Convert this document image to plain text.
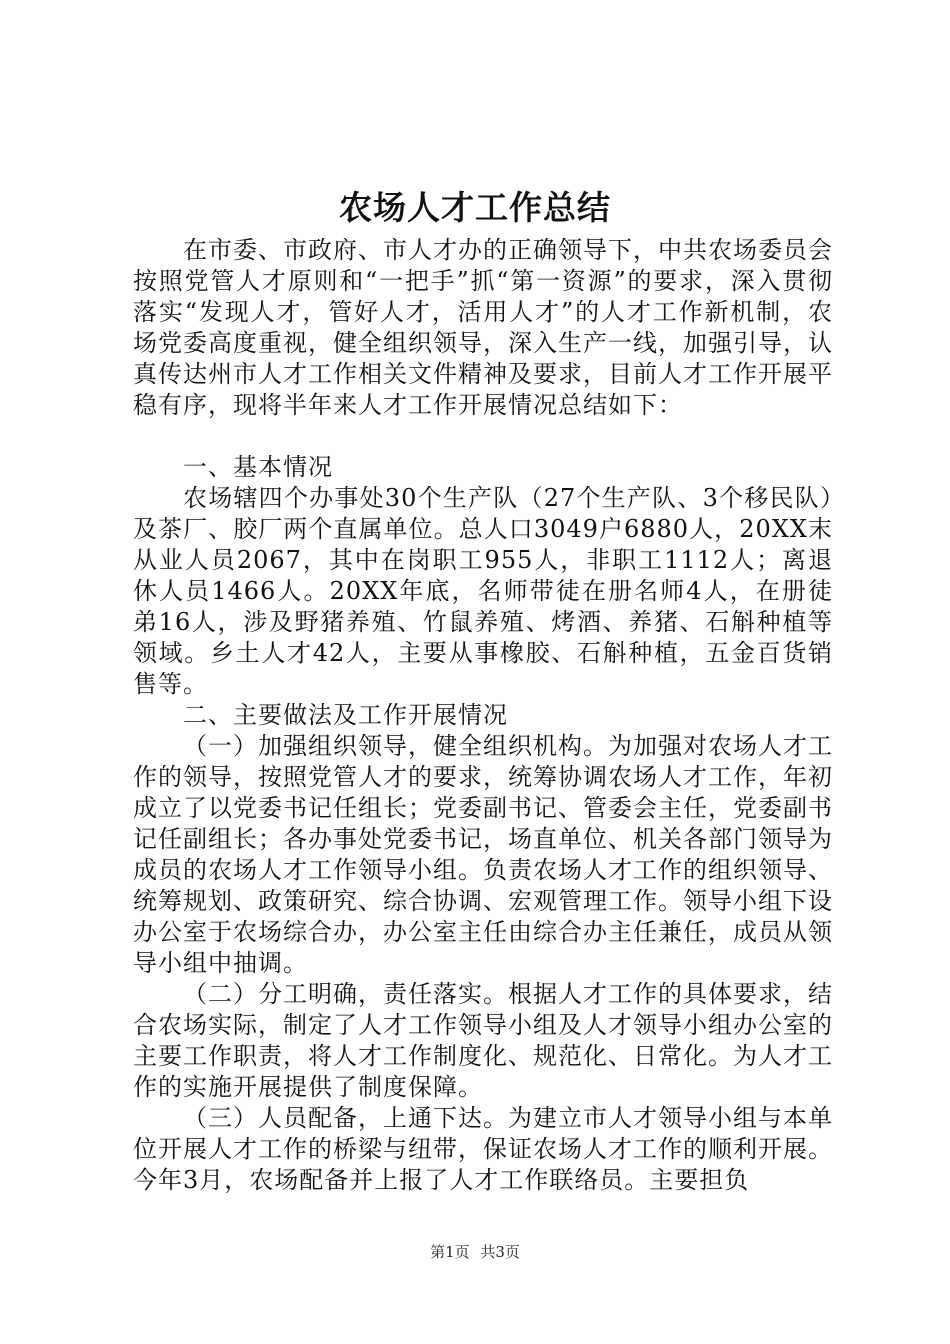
农场人才工作总结

在市委、市政府、市人才办的正确领导下，中共农场委员会按照党管人才原则和“一把手”抓“第一资源”的要求，深入贯彻落实“发现人才，管好人才，活用人才”的人才工作新机制，农场党委高度重视，健全组织领导，深入生产一线，加强引导，认真传达州市人才工作相关文件精神及要求，目前人才工作开展平稳有序，现将半年来人才工作开展情况总结如下：

一、基本情况

农场辖四个办事处30个生产队（27个生产队、3个移民队）及茶厂、胶厂两个直属单位。总人口3049户6880人，20XX末从业人员2067，其中在岗职工955人，非职工1112人；离退休人员1466人。20XX年底，名师带徒在册名师4人，在册徒弟16人，涉及野猪养殖、竹鼠养殖、烤酒、养猪、石斛种植等领域。乡土人才42人，主要从事橡胶、石斛种植，五金百货销售等。

二、主要做法及工作开展情况

（一）加强组织领导，健全组织机构。为加强对农场人才工作的领导，按照党管人才的要求，统筹协调农场人才工作，年初成立了以党委书记任组长；党委副书记、管委会主任，党委副书记任副组长；各办事处党委书记，场直单位、机关各部门领导为成员的农场人才工作领导小组。负责农场人才工作的组织领导、统筹规划、政策研究、综合协调、宏观管理工作。领导小组下设办公室于农场综合办，办公室主任由综合办主任兼任，成员从领导小组中抽调。

（二）分工明确，责任落实。根据人才工作的具体要求，结合农场实际，制定了人才工作领导小组及人才领导小组办公室的主要工作职责，将人才工作制度化、规范化、日常化。为人才工作的实施开展提供了制度保障。

（三）人员配备，上通下达。为建立市人才领导小组与本单位开展人才工作的桥梁与纽带，保证农场人才工作的顺利开展。今年3月，农场配备并上报了人才工作联络员。主要担负

第1页 共3页
